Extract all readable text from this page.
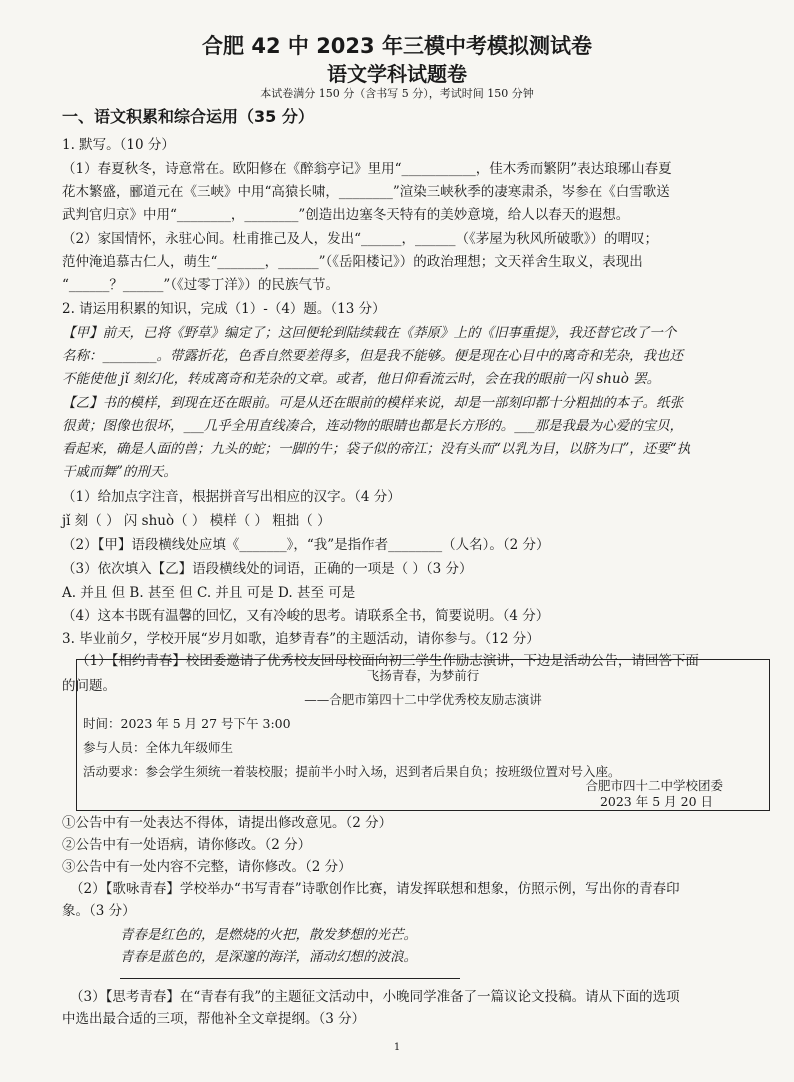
合肥 42 中 2023 年三模中考模拟测试卷
语文学科试题卷
本试卷满分 150 分（含书写 5 分），考试时间 150 分钟
一、语文积累和综合运用（35 分）
1. 默写。（10 分）
（1）春夏秋冬，诗意常在。欧阳修在《醉翁亭记》里用“___________，佳木秀而繁阴”表达琅琊山春夏
花木繁盛，郦道元在《三峡》中用“高猿长啸，________”渲染三峡秋季的凄寒肃杀，岑参在《白雪歌送
武判官归京》中用“________，________”创造出边塞冬天特有的美妙意境，给人以春天的遐想。
（2）家国情怀，永驻心间。杜甫推己及人，发出“______，______（《茅屋为秋风所破歌》）的喟叹；
范仲淹追慕古仁人，萌生“_______，______”（《岳阳楼记》）的政治理想；文天祥舍生取义，表现出
“______？______”（《过零丁洋》）的民族气节。
2. 请运用积累的知识，完成（1）-（4）题。（13 分）
【甲】前天，已将《野草》编定了；这回便轮到陆续载在《莽原》上的《旧事重提》，我还替它改了一个
名称：________。带露折花，色香自然要差得多，但是我不能够。便是现在心目中的离奇和芜杂，我也还
不能使他 jǐ 刻幻化，转成离奇和芜杂的文章。或者，他日仰看流云时，会在我的眼前一闪 shuò 罢。
【乙】书的模样，到现在还在眼前。可是从还在眼前的模样来说，却是一部刻印都十分粗拙的本子。纸张
很黄；图像也很坏，___几乎全用直线凑合，连动物的眼睛也都是长方形的。___那是我最为心爱的宝贝，
看起来，确是人面的兽；九头的蛇；一脚的牛；袋子似的帝江；没有头而“以乳为目，以脐为口”，还要“执
干戚而舞”的刑天。
（1）给加点字注音，根据拼音写出相应的汉字。（4 分）
jǐ 刻（ ） 闪 shuò（ ） 模样（ ） 粗拙（ ）
（2）【甲】语段横线处应填《_______》，“我”是指作者________（人名）。（2 分）
（3）依次填入【乙】语段横线处的词语，正确的一项是（ ）（3 分）
A. 并且 但 B. 甚至 但 C. 并且 可是 D. 甚至 可是
（4）这本书既有温馨的回忆，又有冷峻的思考。请联系全书，简要说明。（4 分）
3. 毕业前夕，学校开展“岁月如歌，追梦青春”的主题活动，请你参与。（12 分）
（1）【相约青春】校团委邀请了优秀校友回母校面向初三学生作励志演讲，下边是活动公告，请回答下面
飞扬青春，为梦前行
——合肥市第四十二中学优秀校友励志演讲
时间：2023 年 5 月 27 号下午 3:00
参与人员：全体九年级师生
活动要求：参会学生须统一着装校服；提前半小时入场，迟到者后果自负；按班级位置对号入座。
合肥市四十二中学校团委
2023 年 5 月 20 日
①公告中有一处表达不得体，请提出修改意见。（2 分）
②公告中有一处语病，请你修改。（2 分）
③公告中有一处内容不完整，请你修改。（2 分）
（2）【歌咏青春】学校举办“书写青春”诗歌创作比赛，请发挥联想和想象，仿照示例，写出你的青春印
象。（3 分）
青春是红色的，是燃烧的火把，散发梦想的光芒。
青春是蓝色的，是深邃的海洋，涌动幻想的波浪。
（3）【思考青春】在“青春有我”的主题征文活动中，小晚同学准备了一篇议论文投稿。请从下面的选项
中选出最合适的三项，帮他补全文章提纲。（3 分）
1
的问题。
